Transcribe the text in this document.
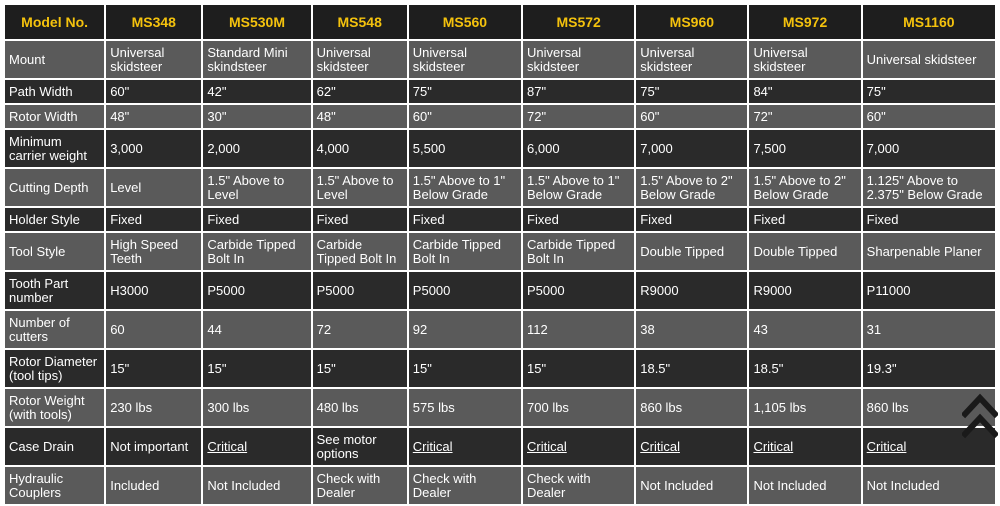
Model No.	MS348	MS530M	MS548	MS560	MS572	MS960	MS972	MS1160
Mount	Universal skidsteer	Standard Mini skindsteer	Universal skidsteer	Universal skidsteer	Universal skidsteer	Universal skidsteer	Universal skidsteer	Universal skidsteer
Path Width	60"	42"	62"	75"	87"	75"	84"	75"
Rotor Width	48"	30"	48"	60"	72"	60"	72"	60"
Minimum carrier weight	3,000	2,000	4,000	5,500	6,000	7,000	7,500	7,000
Cutting Depth	Level	1.5" Above to Level	1.5" Above to Level	1.5" Above to 1" Below Grade	1.5" Above to 1" Below Grade	1.5" Above to 2" Below Grade	1.5" Above to 2" Below Grade	1.125" Above to 2.375" Below Grade
Holder Style	Fixed	Fixed	Fixed	Fixed	Fixed	Fixed	Fixed	Fixed
Tool Style	High Speed Teeth	Carbide Tipped Bolt In	Carbide Tipped Bolt In	Carbide Tipped Bolt In	Carbide Tipped Bolt In	Double Tipped	Double Tipped	Sharpenable Planer
Tooth Part number	H3000	P5000	P5000	P5000	P5000	R9000	R9000	P11000
Number of cutters	60	44	72	92	112	38	43	31
Rotor Diameter (tool tips)	15"	15"	15"	15"	15"	18.5"	18.5"	19.3"
Rotor Weight (with tools)	230 lbs	300 lbs	480 lbs	575 lbs	700 lbs	860 lbs	1,105 lbs	860 lbs
Case Drain	Not important	Critical	See motor options	Critical	Critical	Critical	Critical	Critical
Hydraulic Couplers	Included	Not Included	Check with Dealer	Check with Dealer	Check with Dealer	Not Included	Not Included	Not Included
